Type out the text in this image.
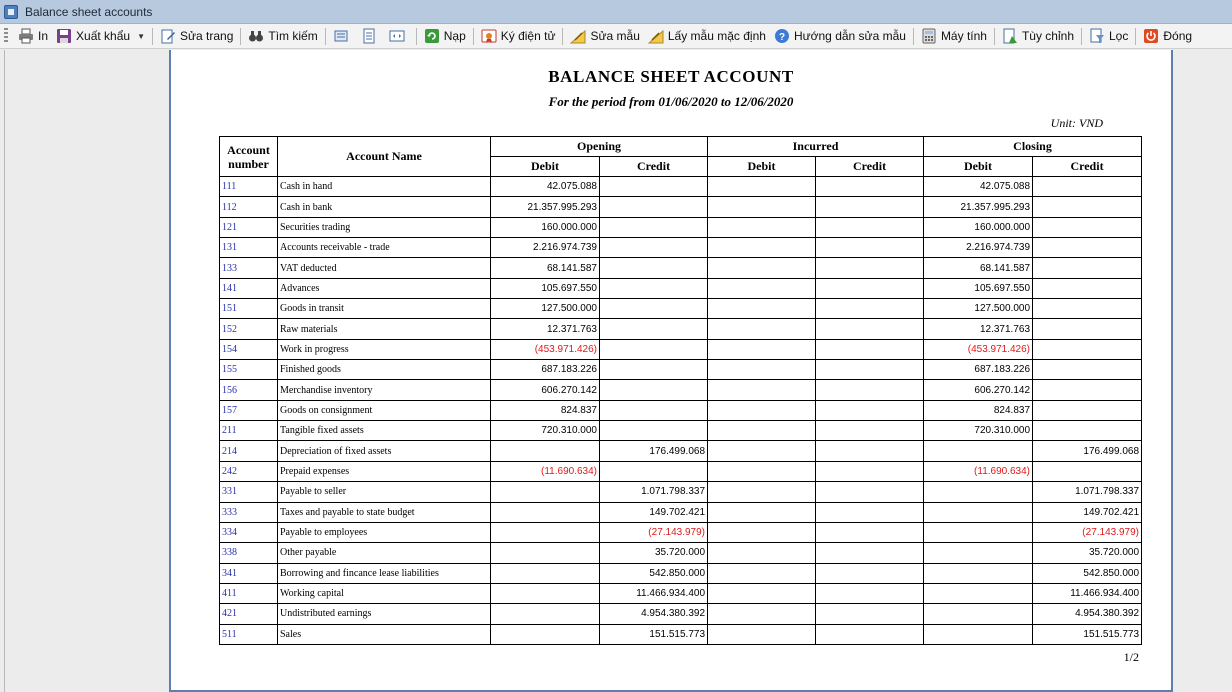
Balance sheet accounts
In Xuất khẩu ▼	Sửa trang	Tìm kiếm	Nạp	Ký điện tử	Sửa mẫu Lấy mẫu mặc định ? Hướng dẫn sửa mẫu	Máy tính	Tùy chỉnh	Lọc	Đóng
BALANCE SHEET ACCOUNT
For the period from 01/06/2020 to 12/06/2020
Unit: VND
Account
number	Account Name	Opening		Incurred		Closing	
		Debit	Credit	Debit	Credit	Debit	Credit
111	Cash in hand	42.075.088				42.075.088	
112	Cash in bank	21.357.995.293				21.357.995.293	
121	Securities trading	160.000.000				160.000.000	
131	Accounts receivable - trade	2.216.974.739				2.216.974.739	
133	VAT deducted	68.141.587				68.141.587	
141	Advances	105.697.550				105.697.550	
151	Goods in transit	127.500.000				127.500.000	
152	Raw materials	12.371.763				12.371.763	
154	Work in progress	(453.971.426)				(453.971.426)	
155	Finished goods	687.183.226				687.183.226	
156	Merchandise inventory	606.270.142				606.270.142	
157	Goods on consignment	824.837				824.837	
211	Tangible fixed assets	720.310.000				720.310.000	
214	Depreciation of fixed assets		176.499.068				176.499.068
242	Prepaid expenses	(11.690.634)				(11.690.634)	
331	Payable to seller		1.071.798.337				1.071.798.337
333	Taxes and payable to state budget		149.702.421				149.702.421
334	Payable to employees		(27.143.979)				(27.143.979)
338	Other payable		35.720.000				35.720.000
341	Borrowing and fincance lease liabilities		542.850.000				542.850.000
411	Working capital		11.466.934.400				11.466.934.400
421	Undistributed earnings		4.954.380.392				4.954.380.392
511	Sales		151.515.773				151.515.773
1/2
